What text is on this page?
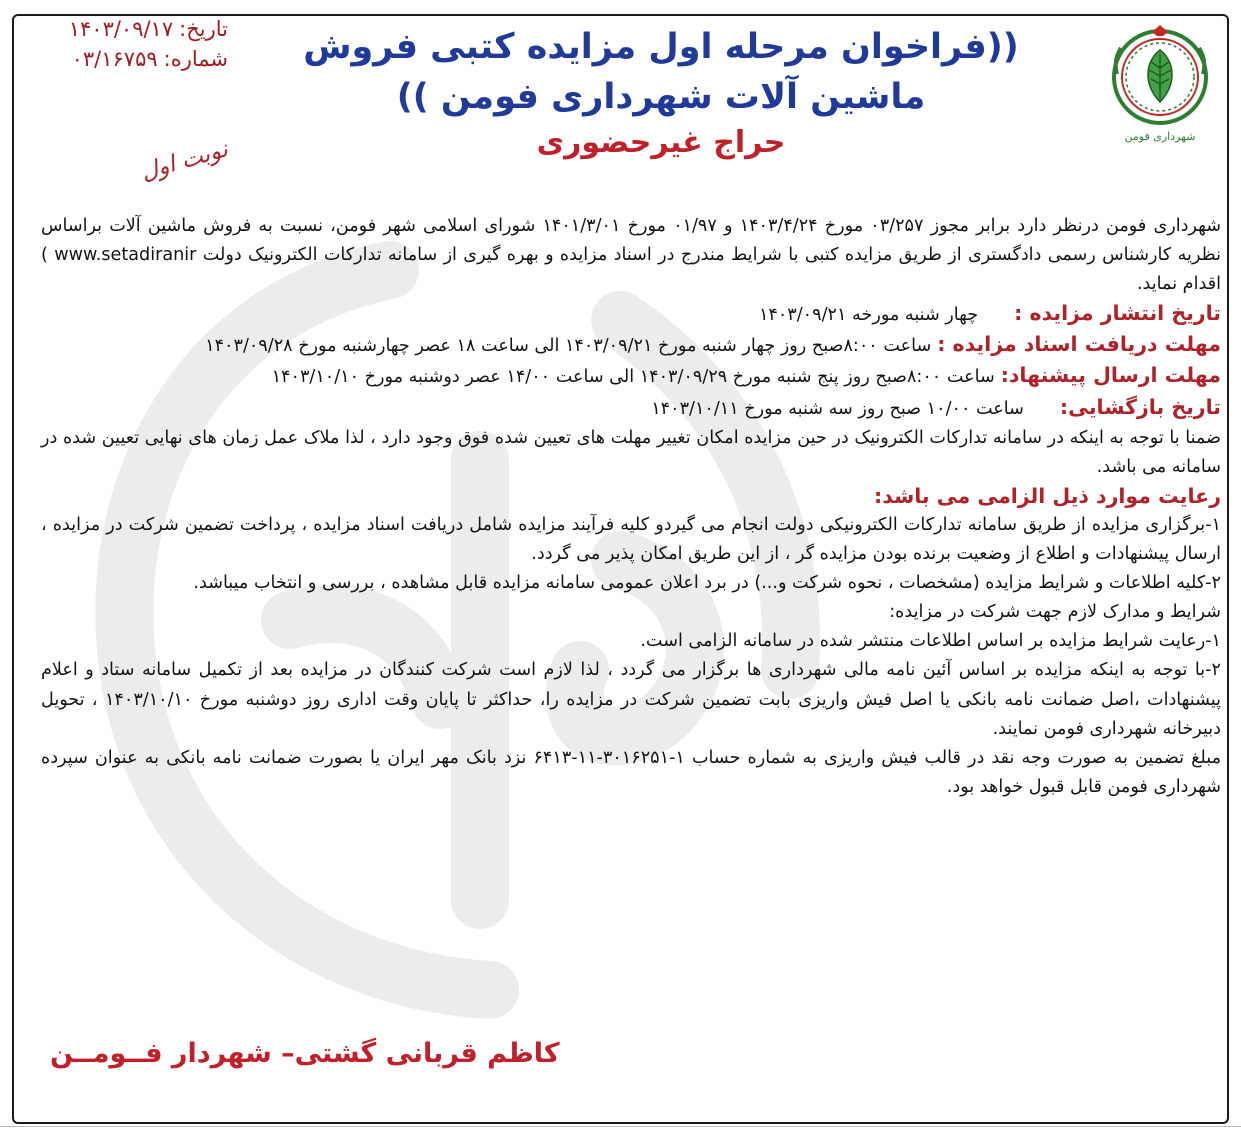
شهرداری فومن
تاریخ:۱۴۰۳/۰۹/۱۷
شماره:۰۳/۱۶۷۵۹
نوبت اول
((فراخوان مرحله اول مزایده کتبی فروش ماشین آلات شهرداری فومن ))
حراج غیرحضوری

شهرداری فومن درنظر دارد برابر مجوز ۰۳/۲۵۷ مورخ ۱۴۰۳/۴/۲۴ و ۰۱/۹۷ مورخ ۱۴۰۱/۳/۰۱ شورای اسلامی شهر فومن، نسبت به فروش ماشین آلات براساس نظریه کارشناس رسمی دادگستری از طریق مزایده کتبی با شرایط مندرج در اسناد مزایده و بهره گیری از سامانه تدارکات الکترونیک دولت www.setadiranir ) اقدام نماید.

تاریخ انتشار مزایده :چهار شنبه مورخه ۱۴۰۳/۰۹/۲۱

مهلت دریافت اسناد مزایده :ساعت ۸:۰۰صبح روز چهار شنبه مورخ ۱۴۰۳/۰۹/۲۱ الی ساعت ۱۸ عصر چهارشنبه مورخ ۱۴۰۳/۰۹/۲۸

مهلت ارسال پیشنهاد:ساعت ۸:۰۰صبح روز پنج شنبه مورخ ۱۴۰۳/۰۹/۲۹ الی ساعت ۱۴/۰۰ عصر دوشنبه مورخ ۱۴۰۳/۱۰/۱۰

تاریخ بازگشایی:ساعت ۱۰/۰۰ صبح روز سه شنبه مورخ ۱۴۰۳/۱۰/۱۱

ضمنا با توجه به اینکه در سامانه تدارکات الکترونیک در حین مزایده امکان تغییر مهلت های تعیین شده فوق وجود دارد ، لذا ملاک عمل زمان های نهایی تعیین شده در سامانه می باشد.

رعایت موارد ذیل الزامی می باشد:

۱-برگزاری مزایده از طریق سامانه تدارکات الکترونیکی دولت انجام می گیردو کلیه فرآیند مزایده شامل دریافت اسناد مزایده ، پرداخت تضمین شرکت در مزایده ، ارسال پیشنهادات و اطلاع از وضعیت برنده بودن مزایده گر ، از این طریق امکان پذیر می گردد.

۲-کلیه اطلاعات و شرایط مزایده (مشخصات ، نحوه شرکت و...) در برد اعلان عمومی سامانه مزایده قابل مشاهده ، بررسی و انتخاب میباشد.

شرایط و مدارک لازم جهت شرکت در مزایده:

۱-رعایت شرایط مزایده بر اساس اطلاعات منتشر شده در سامانه الزامی است.

۲-با توجه به اینکه مزایده بر اساس آئین نامه مالی شهرداری ها برگزار می گردد ، لذا لازم است شرکت کنندگان در مزایده بعد از تکمیل سامانه ستاد و اعلام پیشنهادات ،اصل ضمانت نامه بانکی یا اصل فیش واریزی بابت تضمین شرکت در مزایده را، حداکثر تا پایان وقت اداری روز دوشنبه مورخ ۱۴۰۳/۱۰/۱۰ ، تحویل دبیرخانه شهرداری فومن نمایند.

مبلغ تضمین به صورت وجه نقد در قالب فیش واریزی به شماره حساب ۱-۳۰۱۶۲۵۱-۱۱-۶۴۱۳ نزد بانک مهر ایران یا بصورت ضمانت نامه بانکی به عنوان سپرده شهرداری فومن قابل قبول خواهد بود.

کاظم قربانی گشتی– شهردار فــومــن
